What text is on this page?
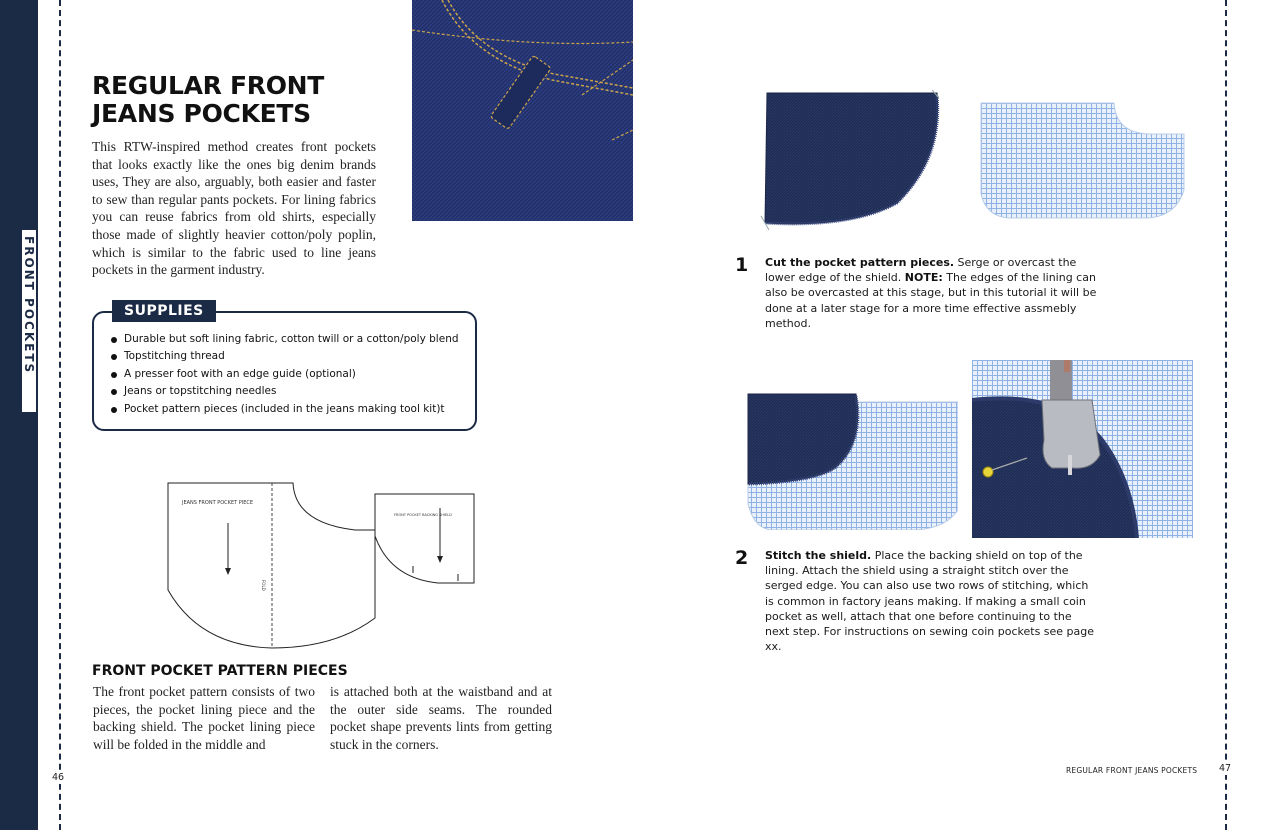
FRONT POCKETS
REGULAR FRONT
JEANS POCKETS

This RTW-inspired method creates front pockets that looks exactly like the ones big denim brands uses, They are also, arguably, both easier and faster to sew than regular pants pockets. For lining fabrics you can reuse fabrics from old shirts, especially those made of slightly heavier cotton/poly poplin, which is similar to the fabric used to line jeans pockets in the garment industry.

SUPPLIES
Durable but soft lining fabric, cotton twill or a cotton/poly blend
Topstitching thread
A presser foot with an edge guide (optional)
Jeans or topstitching needles
Pocket pattern pieces (included in the jeans making tool kit)t
JEANS FRONT POCKET PIECE
FOLD
FRONT POCKET BACKING SHIELD
FRONT POCKET PATTERN PIECES

The front pocket pattern consists of two pieces, the pocket lining piece and the backing shield. The pocket lining piece will be folded in the middle and

is attached both at the waistband and at the outer side seams. The rounded pocket shape prevents lints from getting stuck in the corners.

46
1 Cut the pocket pattern pieces. Serge or overcast the lower edge of the shield. NOTE: The edges of the lining can also be overcasted at this stage, but in this tutorial it will be done at a later stage for a more time effective assmebly method.

2 Stitch the shield. Place the backing shield on top of the lining. Attach the shield using a straight stitch over the serged edge. You can also use two rows of stitching, which is common in factory jeans making. If making a small coin pocket as well, attach that one before continuing to the next step. For instructions on sewing coin pockets see page xx.

REGULAR FRONT JEANS POCKETS 47
